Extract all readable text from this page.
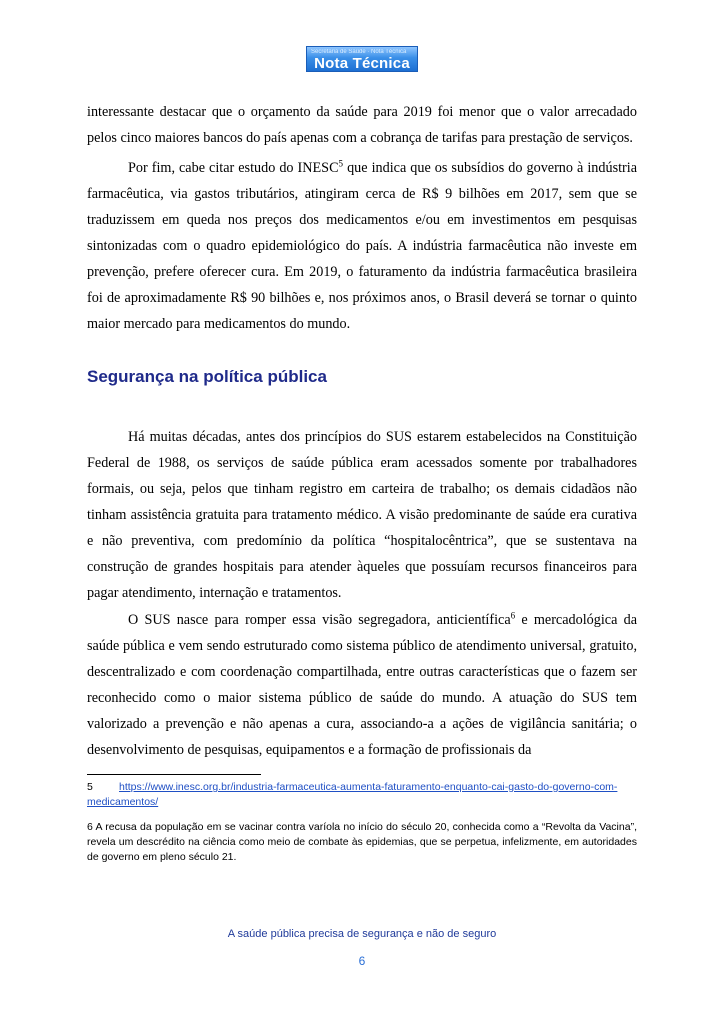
Secretaria de Saúde · Nota Técnica
Nota Técnica

interessante destacar que o orçamento da saúde para 2019 foi menor que o valor arrecadado pelos cinco maiores bancos do país apenas com a cobrança de tarifas para prestação de serviços.

Por fim, cabe citar estudo do INESC$^5$ que indica que os subsídios do governo à indústria farmacêutica, via gastos tributários, atingiram cerca de R$ 9 bilhões em 2017, sem que se traduzissem em queda nos preços dos medicamentos e/ou em investimentos em pesquisas sintonizadas com o quadro epidemiológico do país. A indústria farmacêutica não investe em prevenção, prefere oferecer cura. Em 2019, o faturamento da indústria farmacêutica brasileira foi de aproximadamente R$ 90 bilhões e, nos próximos anos, o Brasil deverá se tornar o quinto maior mercado para medicamentos do mundo.

Segurança na política pública

Há muitas décadas, antes dos princípios do SUS estarem estabelecidos na Constituição Federal de 1988, os serviços de saúde pública eram acessados somente por trabalhadores formais, ou seja, pelos que tinham registro em carteira de trabalho; os demais cidadãos não tinham assistência gratuita para tratamento médico. A visão predominante de saúde era curativa e não preventiva, com predomínio da política “hospitalocêntrica”, que se sustentava na construção de grandes hospitais para atender àqueles que possuíam recursos financeiros para pagar atendimento, internação e tratamentos.

O SUS nasce para romper essa visão segregadora, anticientífica$^6$ e mercadológica da saúde pública e vem sendo estruturado como sistema público de atendimento universal, gratuito, descentralizado e com coordenação compartilhada, entre outras características que o fazem ser reconhecido como o maior sistema público de saúde do mundo. A atuação do SUS tem valorizado a prevenção e não apenas a cura, associando-a a ações de vigilância sanitária; o desenvolvimento de pesquisas, equipamentos e a formação de profissionais da

5 https://www.inesc.org.br/industria-farmaceutica-aumenta-faturamento-enquanto-cai-gasto-do-governo-com-medicamentos/

6 A recusa da população em se vacinar contra varíola no início do século 20, conhecida como a “Revolta da Vacina”, revela um descrédito na ciência como meio de combate às epidemias, que se perpetua, infelizmente, em autoridades de governo em pleno século 21.

A saúde pública precisa de segurança e não de seguro
6
